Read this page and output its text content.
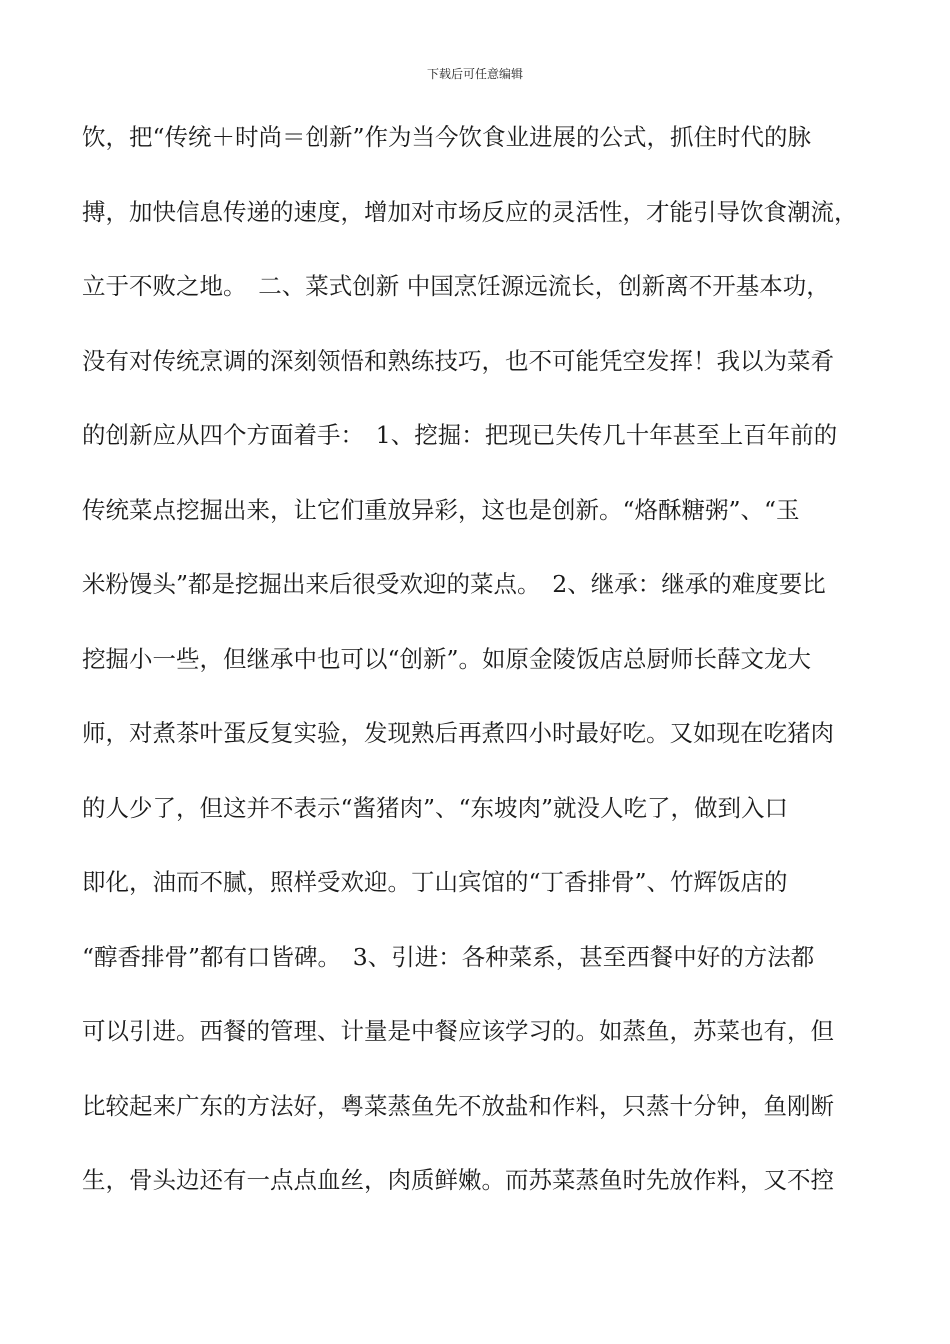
下载后可任意编辑
饮，把“传统＋时尚＝创新”作为当今饮食业进展的公式，抓住时代的脉
搏，加快信息传递的速度，增加对市场反应的灵活性，才能引导饮食潮流，
立于不败之地。　二、菜式创新 中国烹饪源远流长，创新离不开基本功，
没有对传统烹调的深刻领悟和熟练技巧，也不可能凭空发挥！我以为菜肴
的创新应从四个方面着手：　1、挖掘：把现已失传几十年甚至上百年前的
传统菜点挖掘出来，让它们重放异彩，这也是创新。“烙酥糖粥”、“玉
米粉馒头”都是挖掘出来后很受欢迎的菜点。　2、继承：继承的难度要比
挖掘小一些，但继承中也可以“创新”。如原金陵饭店总厨师长薛文龙大
师，对煮茶叶蛋反复实验，发现熟后再煮四小时最好吃。又如现在吃猪肉
的人少了，但这并不表示“酱猪肉”、“东坡肉”就没人吃了，做到入口
即化，油而不腻，照样受欢迎。丁山宾馆的“丁香排骨”、竹辉饭店的
“醇香排骨”都有口皆碑。　3、引进：各种菜系，甚至西餐中好的方法都
可以引进。西餐的管理、计量是中餐应该学习的。如蒸鱼，苏菜也有，但
比较起来广东的方法好，粤菜蒸鱼先不放盐和作料，只蒸十分钟，鱼刚断
生，骨头边还有一点点血丝，肉质鲜嫩。而苏菜蒸鱼时先放作料，又不控
